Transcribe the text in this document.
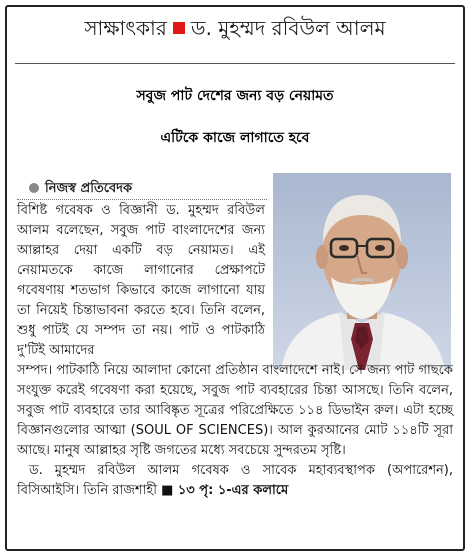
সাক্ষাৎকার ড. মুহম্মদ রবিউল আলম
সবুজ পাট দেশের জন্য বড় নেয়ামত
এটিকে কাজে লাগাতে হবে
নিজস্ব প্রতিবেদক

বিশিষ্ট গবেষক ও বিজ্ঞানী ড. মুহম্মদ রবিউল আলম বলেছেন, সবুজ পাট বাংলাদেশের জন্য আল্লাহর দেয়া একটি বড় নেয়ামত। এই নেয়ামতকে কাজে লাগানোর প্রেক্ষাপটে গবেষণায় শতভাগ কিভাবে কাজে লাগানো যায় তা নিয়েই চিন্তাভাবনা করতে হবে। তিনি বলেন, শুধু পাটই যে সম্পদ তা নয়। পাট ও পাটকাঠি দু'টিই আমাদের

সম্পদ। পাটকাঠি নিয়ে আলাদা কোনো প্রতিষ্ঠান বাংলাদেশে নাই। সে জন্য পাট গাছকে সংযুক্ত করেই গবেষণা করা হয়েছে, সবুজ পাট ব্যবহারের চিন্তা আসছে। তিনি বলেন, সবুজ পাট ব্যবহারে তার আবিষ্কৃত সূত্রের পরিপ্রেক্ষিতে ১১৪ ডিভাইন রুল। এটা হচ্ছে বিজ্ঞানগুলোর আত্মা (SOUL OF SCIENCES)। আল কুরআনের মোট ১১৪টি সূরা আছে। মানুষ আল্লাহর সৃষ্টি জগতের মধ্যে সবচেয়ে সুন্দরতম সৃষ্টি।

ড. মুহম্মদ রবিউল আলম গবেষক ও সাবেক মহাব্যবস্থাপক (অপারেশন), বিসিআইসি। তিনি রাজশাহী ■ ১৩ পৃ: ১-এর কলামে
